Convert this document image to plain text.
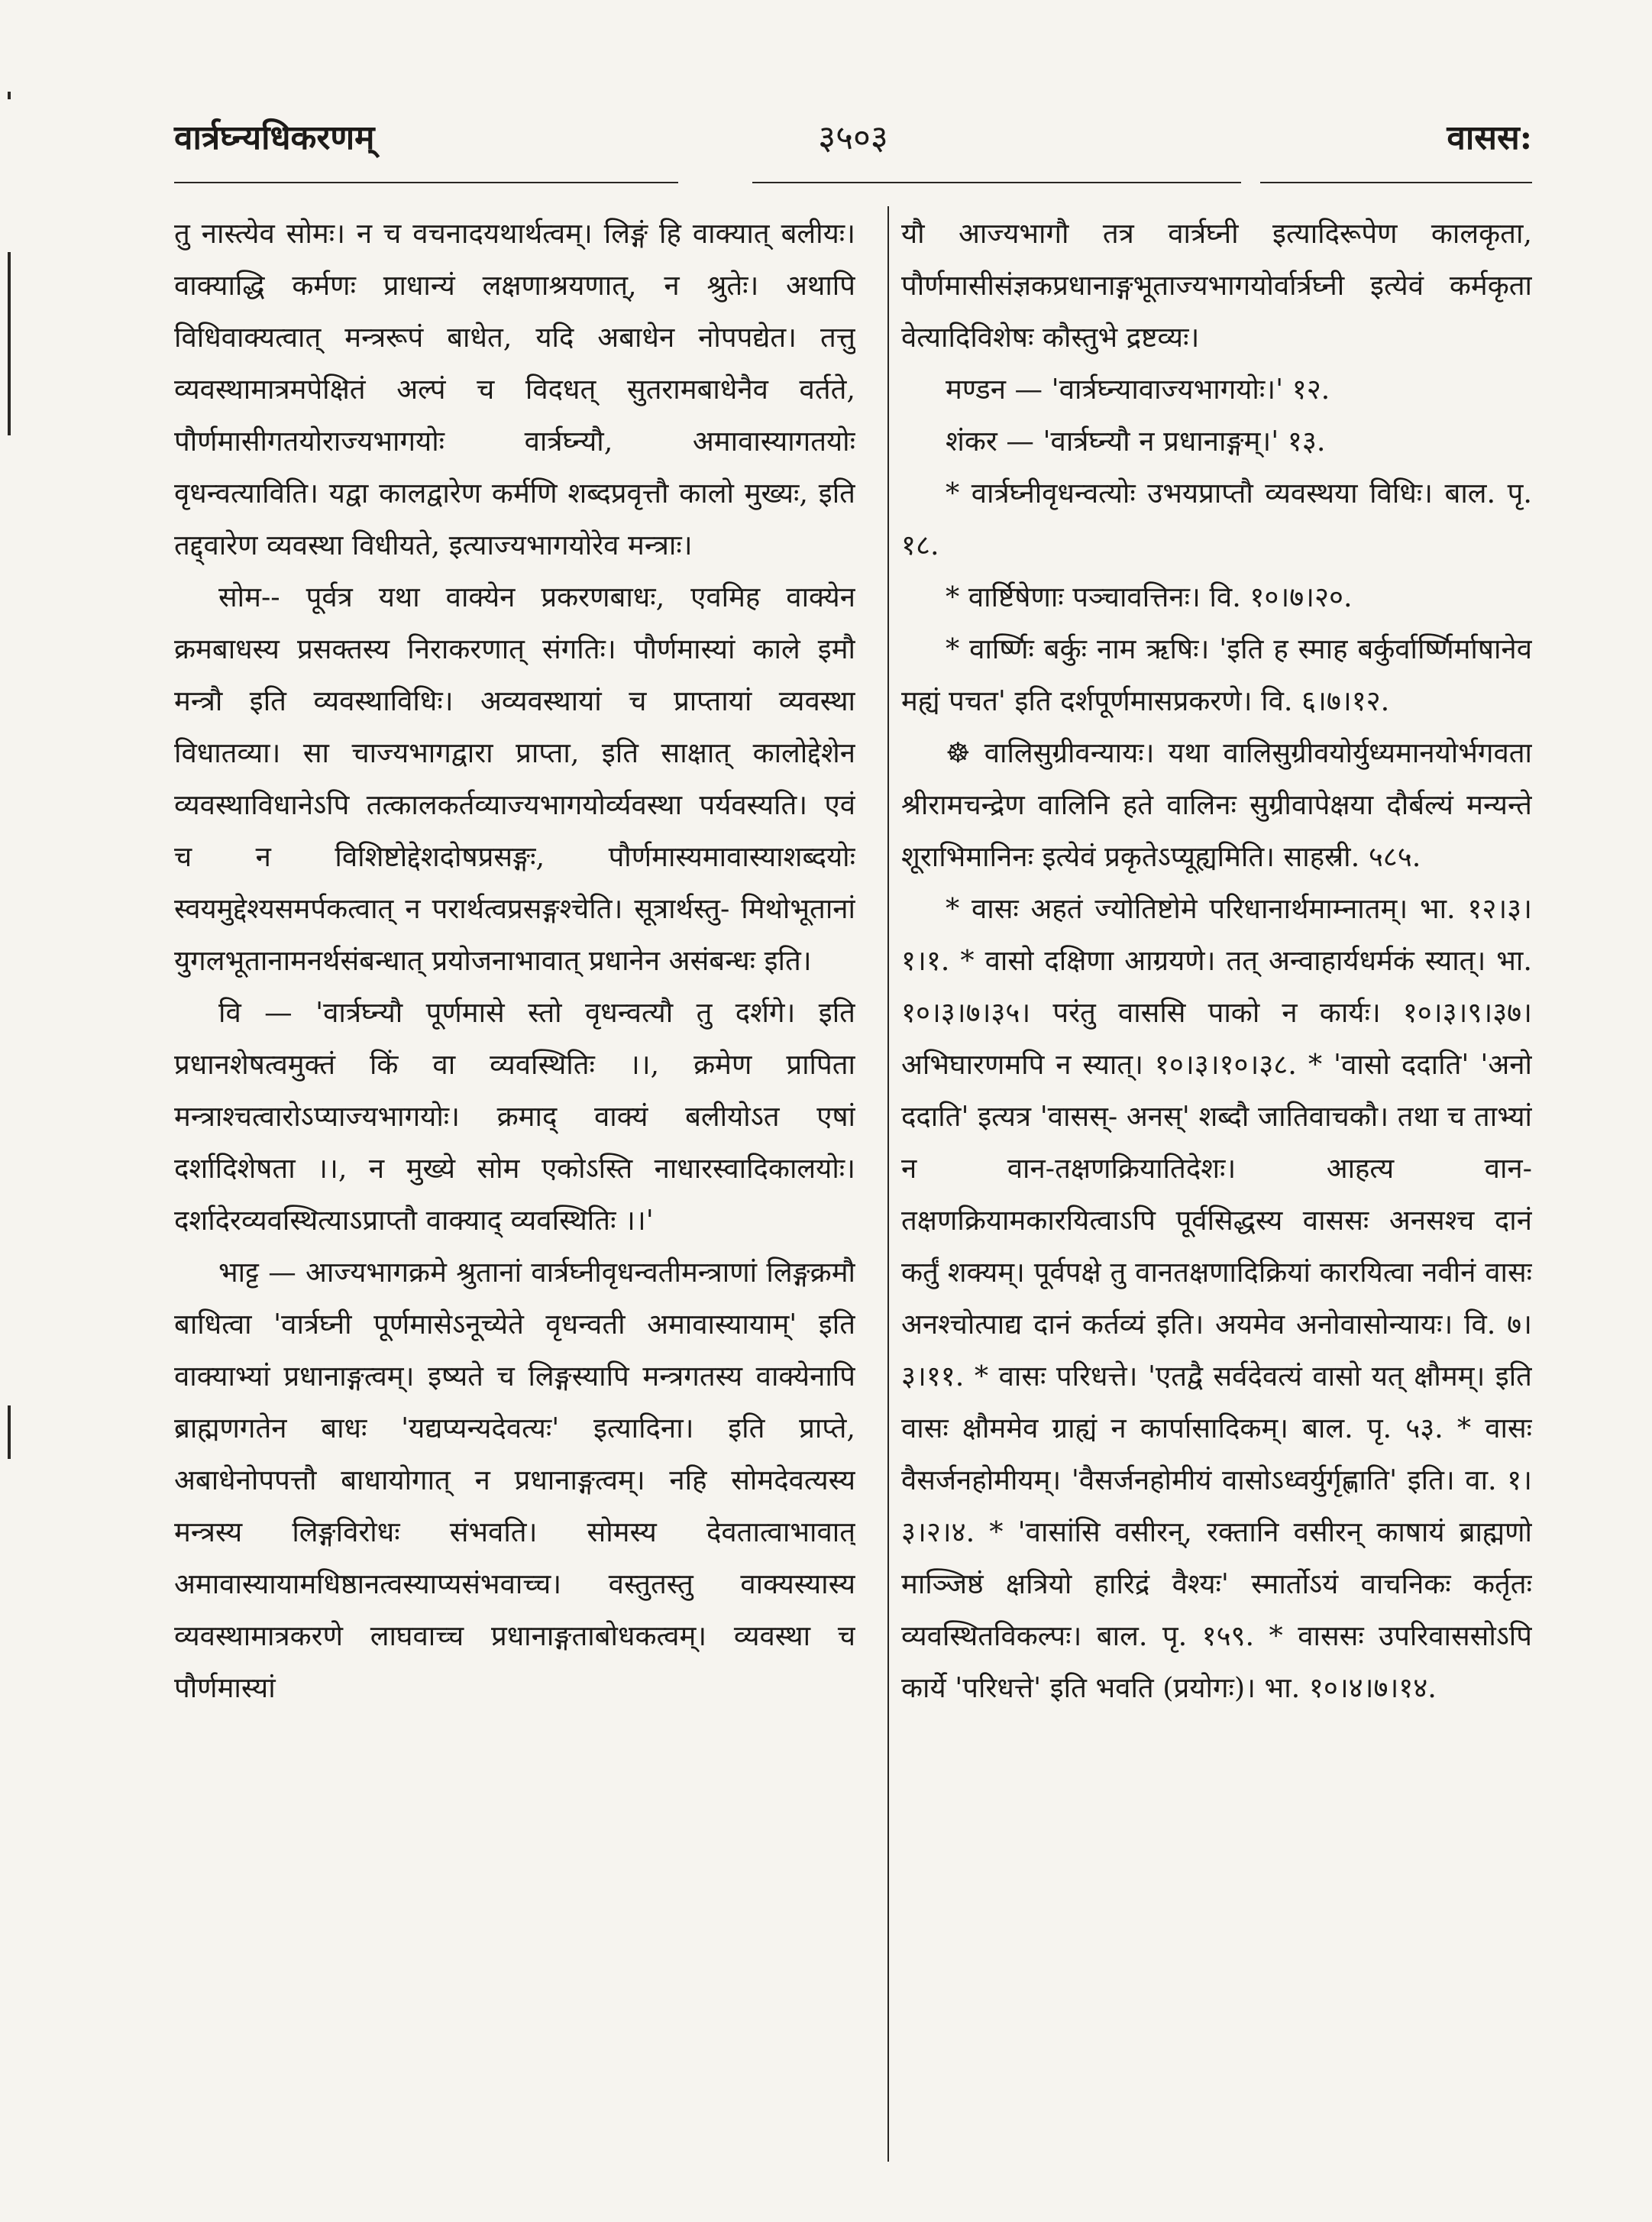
३५०३
वार्त्रघ्न्यधिकरणम्	वासस:

तु नास्त्येव सोमः। न च वचनादयथार्थत्वम्। लिङ्गं हि वाक्यात् बलीयः। वाक्याद्धि कर्मणः प्राधान्यं लक्षणाश्रयणात्, न श्रुतेः। अथापि विधिवाक्यत्वात् मन्त्ररूपं बाधेत, यदि अबाधेन नोपपद्येत। तत्तु व्यवस्थामात्रमपेक्षितं अल्पं च विदधत् सुतरामबाधेनैव वर्तते, पौर्णमासीगतयोराज्यभागयोः वार्त्रघ्न्यौ, अमावास्यागतयोः वृधन्वत्याविति। यद्वा कालद्वारेण कर्मणि शब्दप्रवृत्तौ कालो मुख्यः, इति तद्द्वारेण व्यवस्था विधीयते, इत्याज्यभागयोरेव मन्त्राः।

सोम-- पूर्वत्र यथा वाक्येन प्रकरणबाधः, एवमिह वाक्येन क्रमबाधस्य प्रसक्तस्य निराकरणात् संगतिः। पौर्णमास्यां काले इमौ मन्त्रौ इति व्यवस्थाविधिः। अव्यवस्थायां च प्राप्तायां व्यवस्था विधातव्या। सा चाज्यभागद्वारा प्राप्ता, इति साक्षात् कालोद्देशेन व्यवस्थाविधानेऽपि तत्कालकर्तव्याज्यभागयोर्व्यवस्था पर्यवस्यति। एवं च न विशिष्टोद्देशदोषप्रसङ्गः, पौर्णमास्यमावास्याशब्दयोः स्वयमुद्देश्यसमर्पकत्वात् न परार्थत्वप्रसङ्गश्चेति। सूत्रार्थस्तु- मिथोभूतानां युगलभूतानामनर्थसंबन्धात् प्रयोजनाभावात् प्रधानेन असंबन्धः इति।

वि — 'वार्त्रघ्न्यौ पूर्णमासे स्तो वृधन्वत्यौ तु दर्शगे। इति प्रधानशेषत्वमुक्तं किं वा व्यवस्थितिः ।।, क्रमेण प्रापिता मन्त्राश्चत्वारोऽप्याज्यभागयोः। क्रमाद् वाक्यं बलीयोऽत एषां दर्शादिशेषता ।।, न मुख्ये सोम एकोऽस्ति नाधारस्वादिकालयोः। दर्शादेरव्यवस्थित्याऽप्राप्तौ वाक्याद् व्यवस्थितिः ।।'

भाट्ट — आज्यभागक्रमे श्रुतानां वार्त्रघ्नीवृधन्वतीमन्त्राणां लिङ्गक्रमौ बाधित्वा 'वार्त्रघ्नी पूर्णमासेऽनूच्येते वृधन्वती अमावास्यायाम्' इति वाक्याभ्यां प्रधानाङ्गत्वम्। इष्यते च लिङ्गस्यापि मन्त्रगतस्य वाक्येनापि ब्राह्मणगतेन बाधः 'यद्यप्यन्यदेवत्यः' इत्यादिना। इति प्राप्ते, अबाधेनोपपत्तौ बाधायोगात् न प्रधानाङ्गत्वम्। नहि सोमदेवत्यस्य मन्त्रस्य लिङ्गविरोधः संभवति। सोमस्य देवतात्वाभावात् अमावास्यायामधिष्ठानत्वस्याप्यसंभवाच्च। वस्तुतस्तु वाक्यस्यास्य व्यवस्थामात्रकरणे लाघवाच्च प्रधानाङ्गताबोधकत्वम्। व्यवस्था च पौर्णमास्यां

यौ आज्यभागौ तत्र वार्त्रघ्नी इत्यादिरूपेण कालकृता, पौर्णमासीसंज्ञकप्रधानाङ्गभूताज्यभागयोर्वार्त्रघ्नी इत्येवं कर्मकृता वेत्यादिविशेषः कौस्तुभे द्रष्टव्यः।

मण्डन — 'वार्त्रघ्न्यावाज्यभागयोः।' १२.

शंकर — 'वार्त्रघ्न्यौ न प्रधानाङ्गम्।' १३.

* वार्त्रघ्नीवृधन्वत्योः उभयप्राप्तौ व्यवस्थया विधिः। बाल. पृ. १८.

* वार्ष्टिषेणाः पञ्चावत्तिनः। वि. १०।७।२०.

* वार्ष्णिः बर्कुः नाम ऋषिः। 'इति ह स्माह बर्कुर्वार्ष्णिर्माषानेव मह्यं पचत' इति दर्शपूर्णमासप्रकरणे। वि. ६।७।१२.

☸ वालिसुग्रीवन्यायः। यथा वालिसुग्रीवयोर्युध्यमानयोर्भगवता श्रीरामचन्द्रेण वालिनि हते वालिनः सुग्रीवापेक्षया दौर्बल्यं मन्यन्ते शूराभिमानिनः इत्येवं प्रकृतेऽप्यूह्यमिति। साहस्री. ५८५.

* वासः अहतं ज्योतिष्टोमे परिधानार्थमाम्नातम्। भा. १२।३।१।१. * वासो दक्षिणा आग्रयणे। तत् अन्वाहार्यधर्मकं स्यात्। भा. १०।३।७।३५। परंतु वाससि पाको न कार्यः। १०।३।९।३७। अभिघारणमपि न स्यात्। १०।३।१०।३८. * 'वासो ददाति' 'अनो ददाति' इत्यत्र 'वासस्- अनस्' शब्दौ जातिवाचकौ। तथा च ताभ्यां न वान-तक्षणक्रियातिदेशः। आहत्य वान-तक्षणक्रियामकारयित्वाऽपि पूर्वसिद्धस्य वाससः अनसश्च दानं कर्तुं शक्यम्। पूर्वपक्षे तु वानतक्षणादिक्रियां कारयित्वा नवीनं वासः अनश्चोत्पाद्य दानं कर्तव्यं इति। अयमेव अनोवासोन्यायः। वि. ७।३।११. * वासः परिधत्ते। 'एतद्वै सर्वदेवत्यं वासो यत् क्षौमम्। इति वासः क्षौममेव ग्राह्यं न कार्पासादिकम्। बाल. पृ. ५३. * वासः वैसर्जनहोमीयम्। 'वैसर्जनहोमीयं वासोऽध्वर्युर्गृह्णाति' इति। वा. १।३।२।४. * 'वासांसि वसीरन्, रक्तानि वसीरन् काषायं ब्राह्मणो माञ्जिष्ठं क्षत्रियो हारिद्रं वैश्यः' स्मार्तोऽयं वाचनिकः कर्तृतः व्यवस्थितविकल्पः। बाल. पृ. १५९. * वाससः उपरिवाससोऽपि कार्ये 'परिधत्ते' इति भवति (प्रयोगः)। भा. १०।४।७।१४.
